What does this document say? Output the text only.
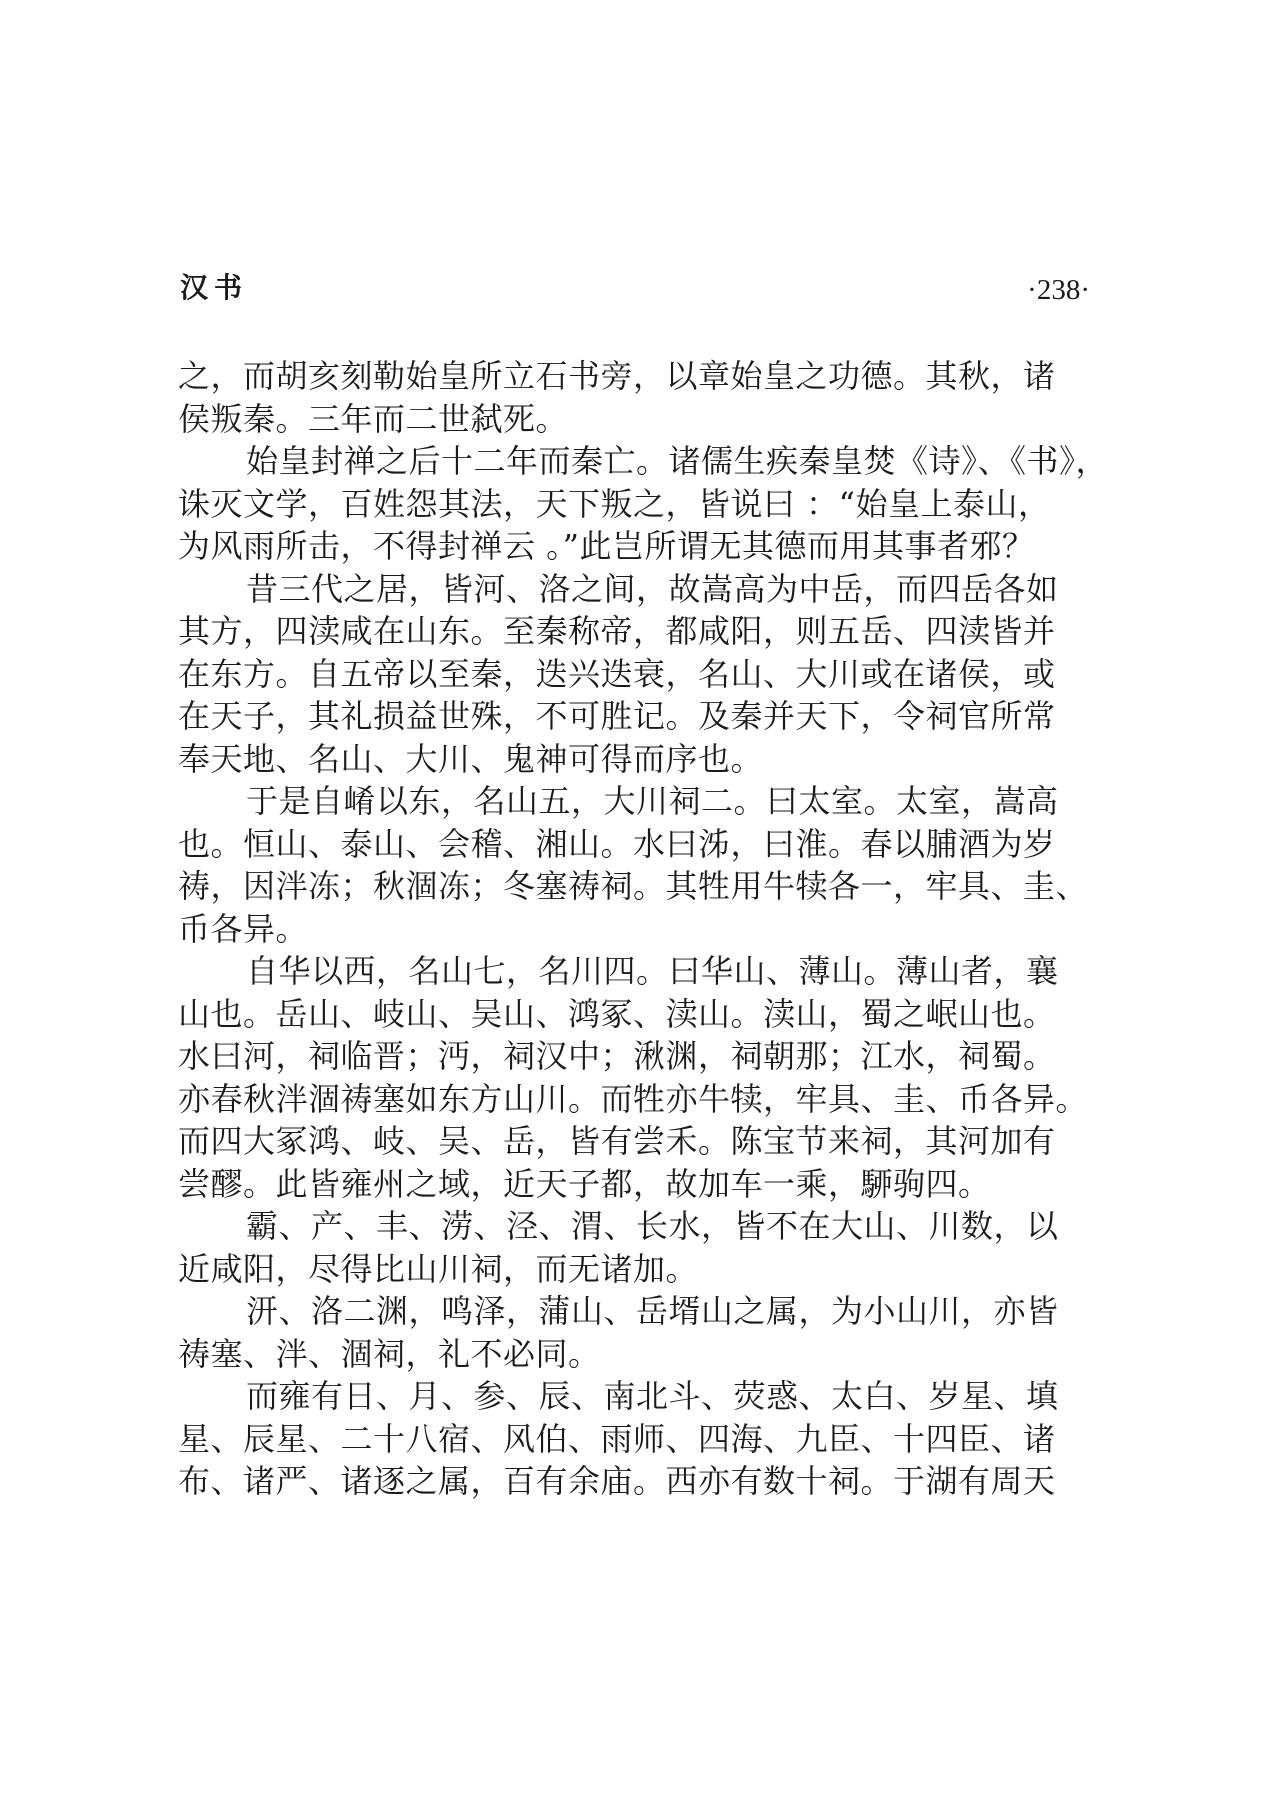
汉书	·238·
之，而胡亥刻勒始皇所立石书旁，以章始皇之功德。其秋，诸
侯叛秦。三年而二世弑死。
始皇封禅之后十二年而秦亡。诸儒生疾秦皇焚《诗》、《书》，
诛灭文学，百姓怨其法，天下叛之，皆说曰 ：“始皇上泰山，
为风雨所击，不得封禅云 。”此岂所谓无其德而用其事者邪？
昔三代之居，皆河、洛之间，故嵩高为中岳，而四岳各如
其方，四渎咸在山东。至秦称帝，都咸阳，则五岳、四渎皆并
在东方。自五帝以至秦，迭兴迭衰，名山、大川或在诸侯，或
在天子，其礼损益世殊，不可胜记。及秦并天下，令祠官所常
奉天地、名山、大川、鬼神可得而序也。
于是自崤以东，名山五，大川祠二。曰太室。太室，嵩高
也。恒山、泰山、会稽、湘山。水曰泲，曰淮。春以脯酒为岁
祷，因泮冻；秋涸冻；冬塞祷祠。其牲用牛犊各一，牢具、圭、
币各异。
自华以西，名山七，名川四。曰华山、薄山。薄山者，襄
山也。岳山、岐山、吴山、鸿冢、渎山。渎山，蜀之岷山也。
水曰河，祠临晋；沔，祠汉中；湫渊，祠朝那；江水，祠蜀。
亦春秋泮涸祷塞如东方山川。而牲亦牛犊，牢具、圭、币各异。
而四大冢鸿、岐、吴、岳，皆有尝禾。陈宝节来祠，其河加有
尝醪。此皆雍州之域，近天子都，故加车一乘，駵驹四。
霸、产、丰、涝、泾、渭、长水，皆不在大山、川数，以
近咸阳，尽得比山川祠，而无诸加。
汧、洛二渊，鸣泽，蒲山、岳壻山之属，为小山川，亦皆
祷塞、泮、涸祠，礼不必同。
而雍有日、月、参、辰、南北斗、荧惑、太白、岁星、填
星、辰星、二十八宿、风伯、雨师、四海、九臣、十四臣、诸
布、诸严、诸逐之属，百有余庙。西亦有数十祠。于湖有周天
